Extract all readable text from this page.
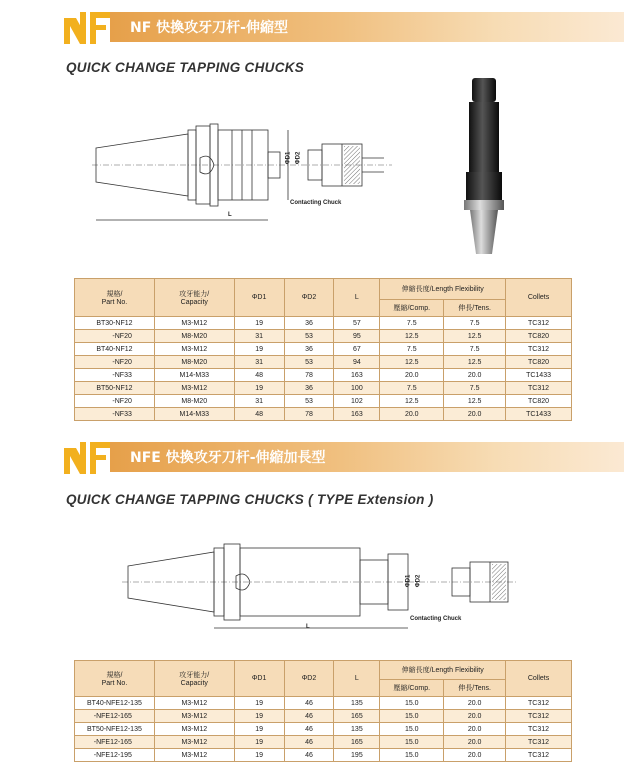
NF 快換攻牙刀杆-伸縮型
QUICK CHANGE TAPPING CHUCKS
ΦD1 ΦD2
L
Contacting Chuck
規格/
Part No.	攻牙能力/
Capacity	ΦD1	ΦD2	L	伸縮長度/Length Flexibility		Collets
					壓縮/Comp.	伸長/Tens.	
BT30-NF12	M3-M12	19	36	57	7.5	7.5	TC312
-NF20	M8-M20	31	53	95	12.5	12.5	TC820
BT40-NF12	M3-M12	19	36	67	7.5	7.5	TC312
-NF20	M8-M20	31	53	94	12.5	12.5	TC820
-NF33	M14-M33	48	78	163	20.0	20.0	TC1433
BT50-NF12	M3-M12	19	36	100	7.5	7.5	TC312
-NF20	M8-M20	31	53	102	12.5	12.5	TC820
-NF33	M14-M33	48	78	163	20.0	20.0	TC1433
NFE 快換攻牙刀杆-伸縮加長型
QUICK CHANGE TAPPING CHUCKS ( TYPE Extension )
ΦD1 ΦD2
L
Contacting Chuck
規格/
Part No.	攻牙能力/
Capacity	ΦD1	ΦD2	L	伸縮長度/Length Flexibility		Collets
					壓縮/Comp.	伸長/Tens.	
BT40-NFE12-135	M3-M12	19	46	135	15.0	20.0	TC312
-NFE12-165	M3-M12	19	46	165	15.0	20.0	TC312
BT50-NFE12-135	M3-M12	19	46	135	15.0	20.0	TC312
-NFE12-165	M3-M12	19	46	165	15.0	20.0	TC312
-NFE12-195	M3-M12	19	46	195	15.0	20.0	TC312
